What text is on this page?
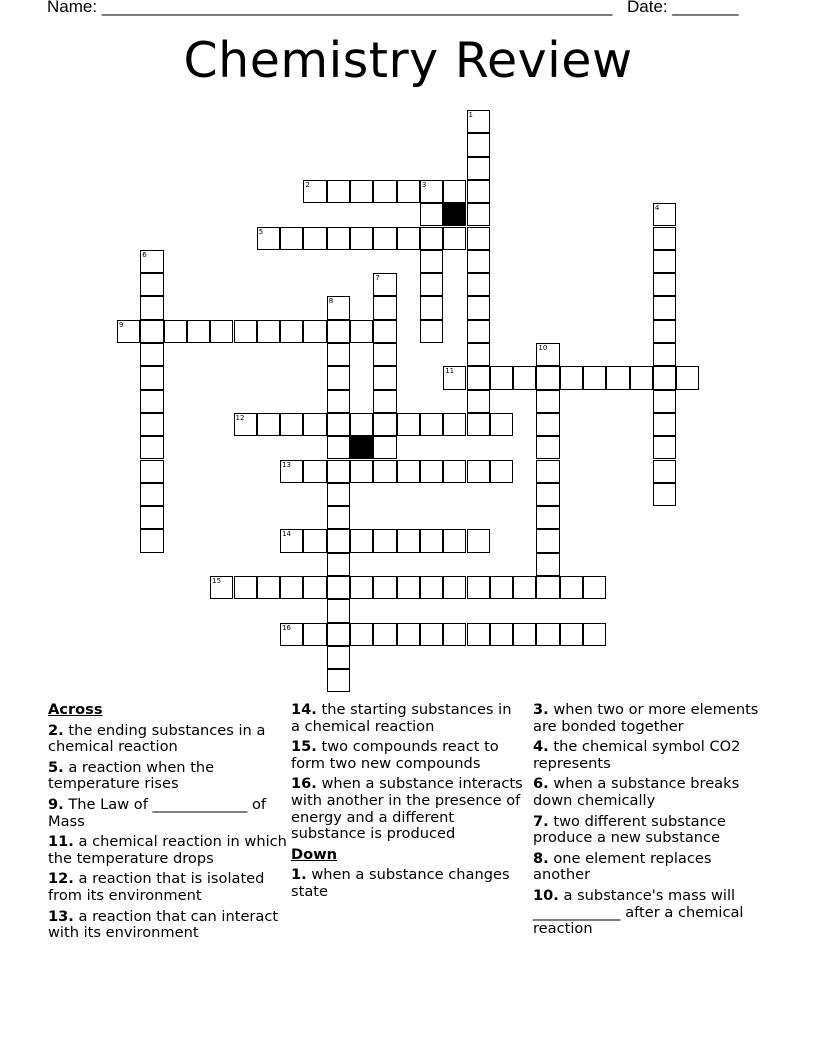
Name: ______________________________________________________ Date: _______
Chemistry Review
2
5
9
11
12
13
14
15
16
1
3
4
6
7
8
10
Across
2. the ending substances in a chemical reaction
5. a reaction when the temperature rises
9. The Law of _____________ of Mass
11. a chemical reaction in which the temperature drops
12. a reaction that is isolated from its environment
13. a reaction that can interact with its environment
14. the starting substances in a chemical reaction
15. two compounds react to form two new compounds
16. when a substance interacts with another in the presence of energy and a different substance is produced
Down
1. when a substance changes state
3. when two or more elements are bonded together
4. the chemical symbol CO2 represents
6. when a substance breaks down chemically
7. two different substance produce a new substance
8. one element replaces another
10. a substance's mass will ____________ after a chemical reaction
